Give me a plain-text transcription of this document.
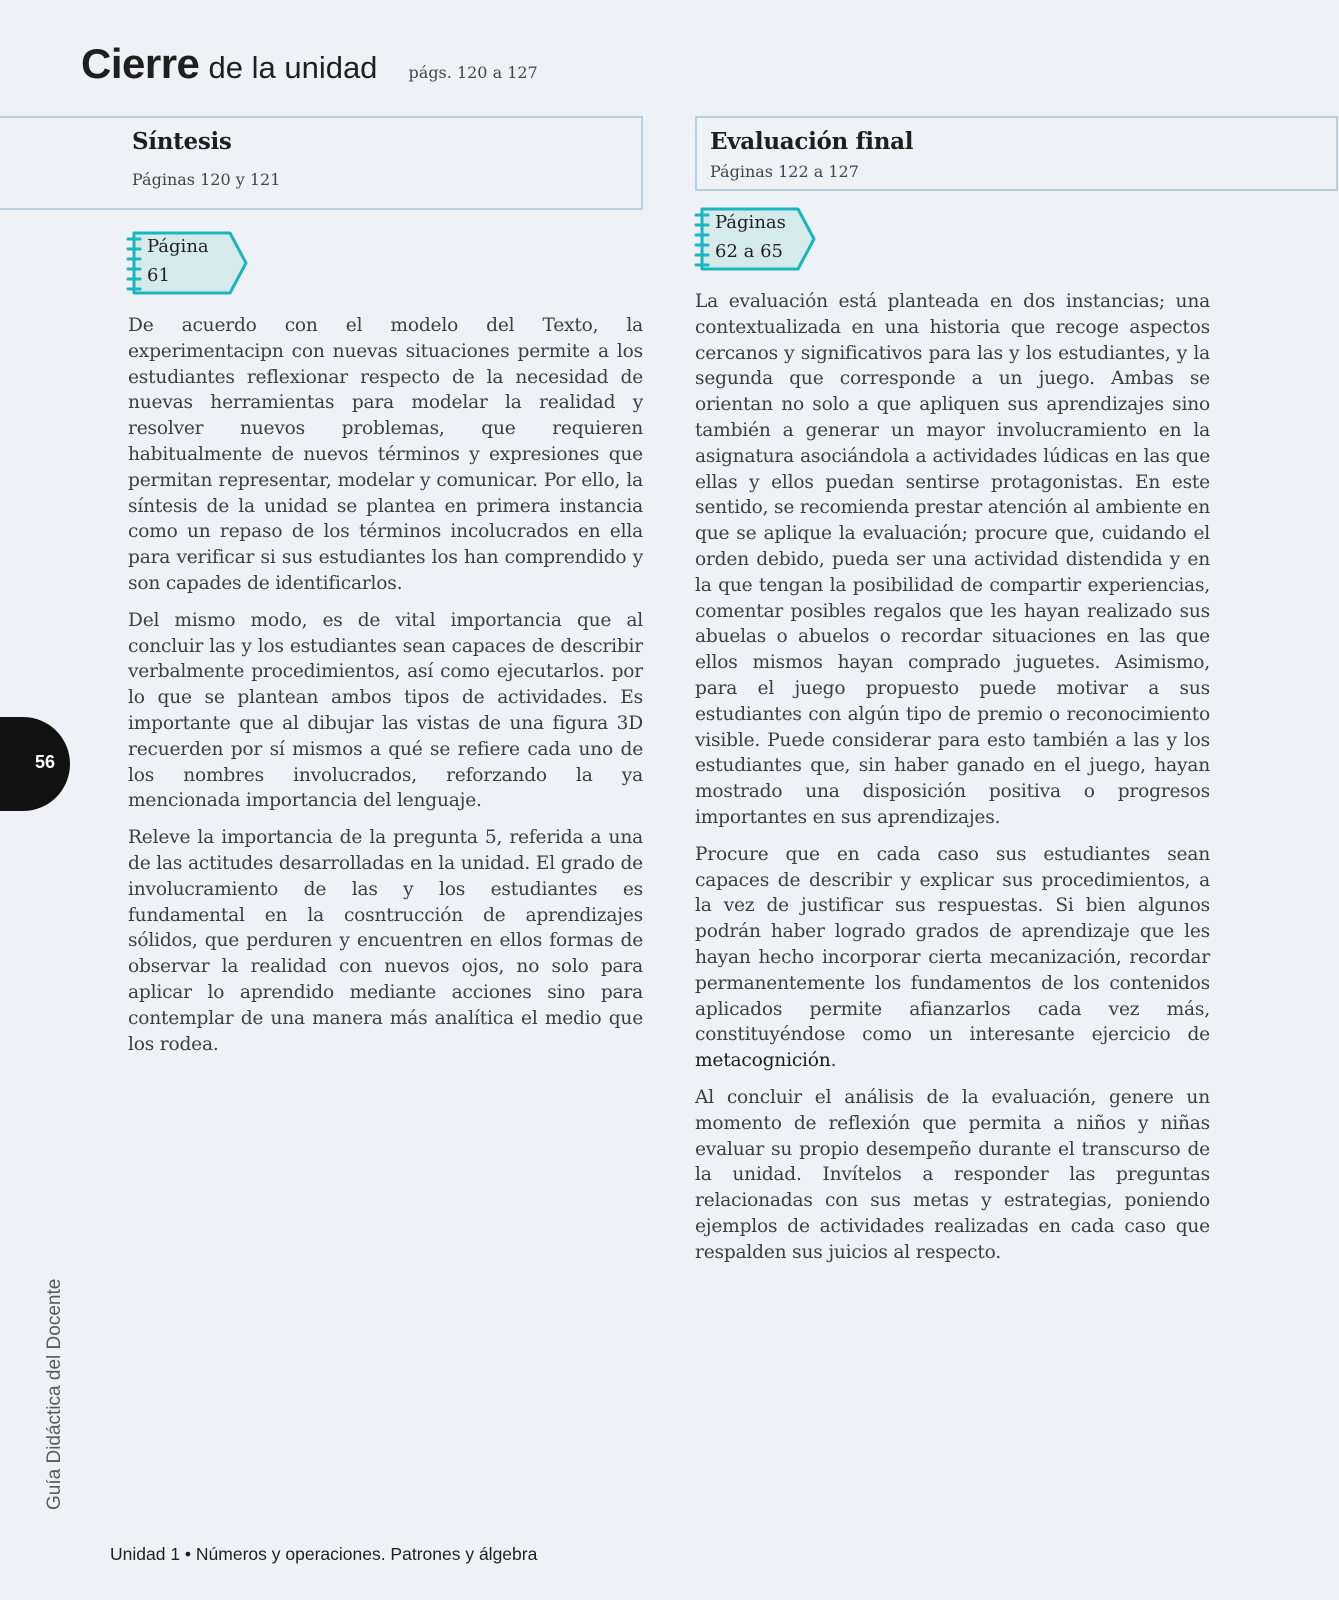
Cierre de la unidad págs. 120 a 127
Síntesis
Páginas 120 y 121
Evaluación final
Páginas 122 a 127
Página
61
Páginas
62 a 65

De acuerdo con el modelo del Texto, la experimentacipn con nuevas situaciones permite a los estudiantes reflexionar respecto de la necesidad de nuevas herramientas para modelar la realidad y resolver nuevos problemas, que requieren habitualmente de nuevos términos y expresiones que permitan representar, modelar y comunicar. Por ello, la síntesis de la unidad se plantea en primera instancia como un repaso de los términos incolucrados en ella para verificar si sus estudiantes los han comprendido y son capades de identificarlos.

Del mismo modo, es de vital importancia que al concluir las y los estudiantes sean capaces de describir verbalmente procedimientos, así como ejecutarlos. por lo que se plantean ambos tipos de actividades. Es importante que al dibujar las vistas de una figura 3D recuerden por sí mismos a qué se refiere cada uno de los nombres involucrados, reforzando la ya mencionada importancia del lenguaje.

Releve la importancia de la pregunta 5, referida a una de las actitudes desarrolladas en la unidad. El grado de involucramiento de las y los estudiantes es fundamental en la cosntrucción de aprendizajes sólidos, que perduren y encuentren en ellos formas de observar la realidad con nuevos ojos, no solo para aplicar lo aprendido mediante acciones sino para contemplar de una manera más analítica el medio que los rodea.

La evaluación está planteada en dos instancias; una contextualizada en una historia que recoge aspectos cercanos y significativos para las y los estudiantes, y la segunda que corresponde a un juego. Ambas se orientan no solo a que apliquen sus aprendizajes sino también a generar un mayor involucramiento en la asignatura asociándola a actividades lúdicas en las que ellas y ellos puedan sentirse protagonistas. En este sentido, se recomienda prestar atención al ambiente en que se aplique la evaluación; procure que, cuidando el orden debido, pueda ser una actividad distendida y en la que tengan la posibilidad de compartir experiencias, comentar posibles regalos que les hayan realizado sus abuelas o abuelos o recordar situaciones en las que ellos mismos hayan comprado juguetes. Asimismo, para el juego propuesto puede motivar a sus estudiantes con algún tipo de premio o reconocimiento visible. Puede considerar para esto también a las y los estudiantes que, sin haber ganado en el juego, hayan mostrado una disposición positiva o progresos importantes en sus aprendizajes.

Procure que en cada caso sus estudiantes sean capaces de describir y explicar sus procedimientos, a la vez de justificar sus respuestas. Si bien algunos podrán haber logrado grados de aprendizaje que les hayan hecho incorporar cierta mecanización, recordar permanentemente los fundamentos de los contenidos aplicados permite afianzarlos cada vez más, constituyéndose como un interesante ejercicio de metacognición.

Al concluir el análisis de la evaluación, genere un momento de reflexión que permita a niños y niñas evaluar su propio desempeño durante el transcurso de la unidad. Invítelos a responder las preguntas relacionadas con sus metas y estrategias, poniendo ejemplos de actividades realizadas en cada caso que respalden sus juicios al respecto.

56
Guía Didáctica del Docente
Unidad 1 • Números y operaciones. Patrones y álgebra
